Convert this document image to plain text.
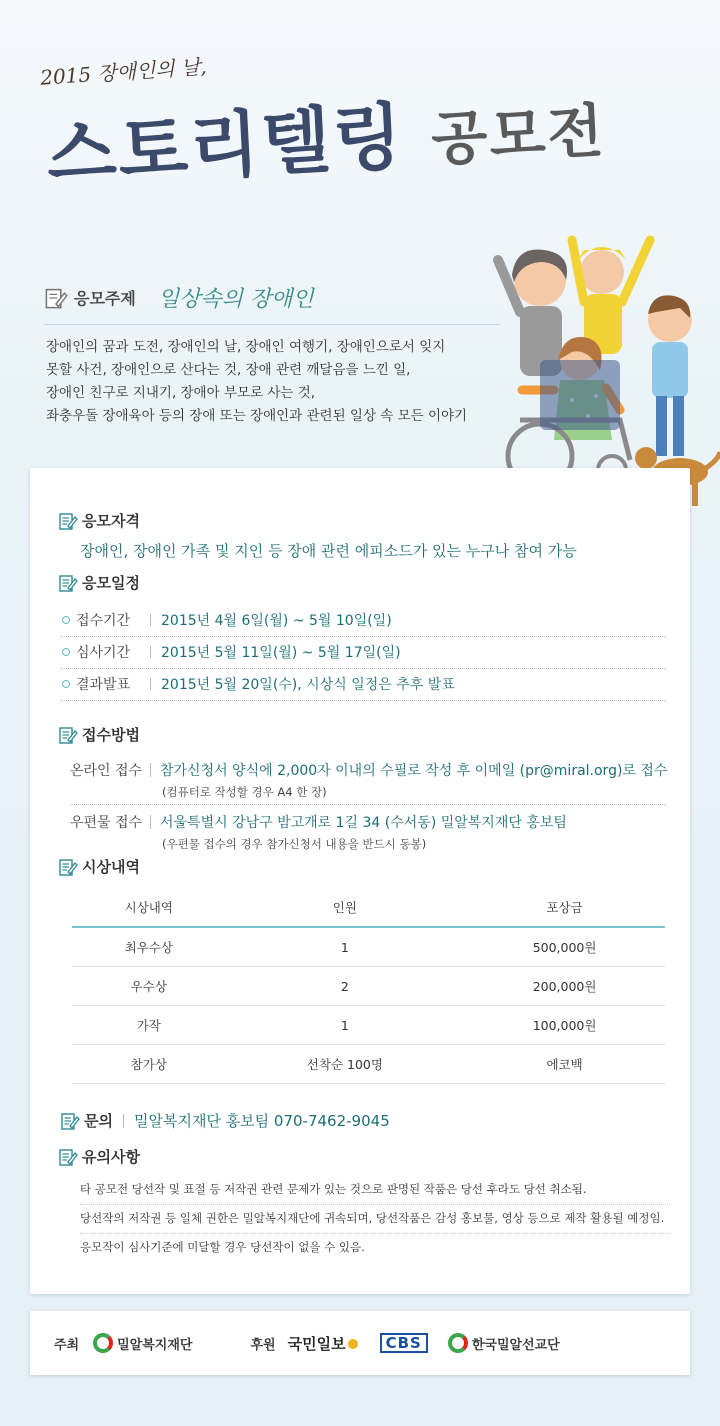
2015 장애인의 날,
스토리텔링 공모전
응모주제 일상속의 장애인
장애인의 꿈과 도전, 장애인의 날, 장애인 여행기, 장애인으로서 잊지
못할 사건, 장애인으로 산다는 것, 장애 관련 깨달음을 느낀 일,
장애인 친구로 지내기, 장애아 부모로 사는 것,
좌충우돌 장애육아 등의 장애 또는 장애인과 관련된 일상 속 모든 이야기
응모자격
장애인, 장애인 가족 및 지인 등 장애 관련 에피소드가 있는 누구나 참여 가능
응모일정
접수기간	2015년 4월 6일(월) ~ 5월 10일(일)
심사기간	2015년 5월 11일(월) ~ 5월 17일(일)
결과발표	2015년 5월 20일(수), 시상식 일정은 추후 발표
접수방법
온라인 접수 참가신청서 양식에 2,000자 이내의 수필로 작성 후 이메일 (pr@miral.org)로 접수
(컴퓨터로 작성할 경우 A4 한 장)
우편물 접수 서울특별시 강남구 밤고개로 1길 34 (수서동) 밀알복지재단 홍보팀
(우편물 접수의 경우 참가신청서 내용을 반드시 동봉)
시상내역
시상내역	인원	포상금
최우수상	1	500,000원
우수상	2	200,000원
가작	1	100,000원
참가상	선착순 100명	에코백
문의 밀알복지재단 홍보팀 070-7462-9045
유의사항
타 공모전 당선작 및 표절 등 저작권 관련 문제가 있는 것으로 판명된 작품은 당선 후라도 당선 취소됨.
당선작의 저작권 등 일체 권한은 밀알복지재단에 귀속되며, 당선작품은 감성 홍보물, 영상 등으로 제작 활용될 예정임.
응모작이 심사기준에 미달할 경우 당선작이 없을 수 있음.
주최	밀알복지재단	후원 국민일보	CBS	한국밀알선교단
